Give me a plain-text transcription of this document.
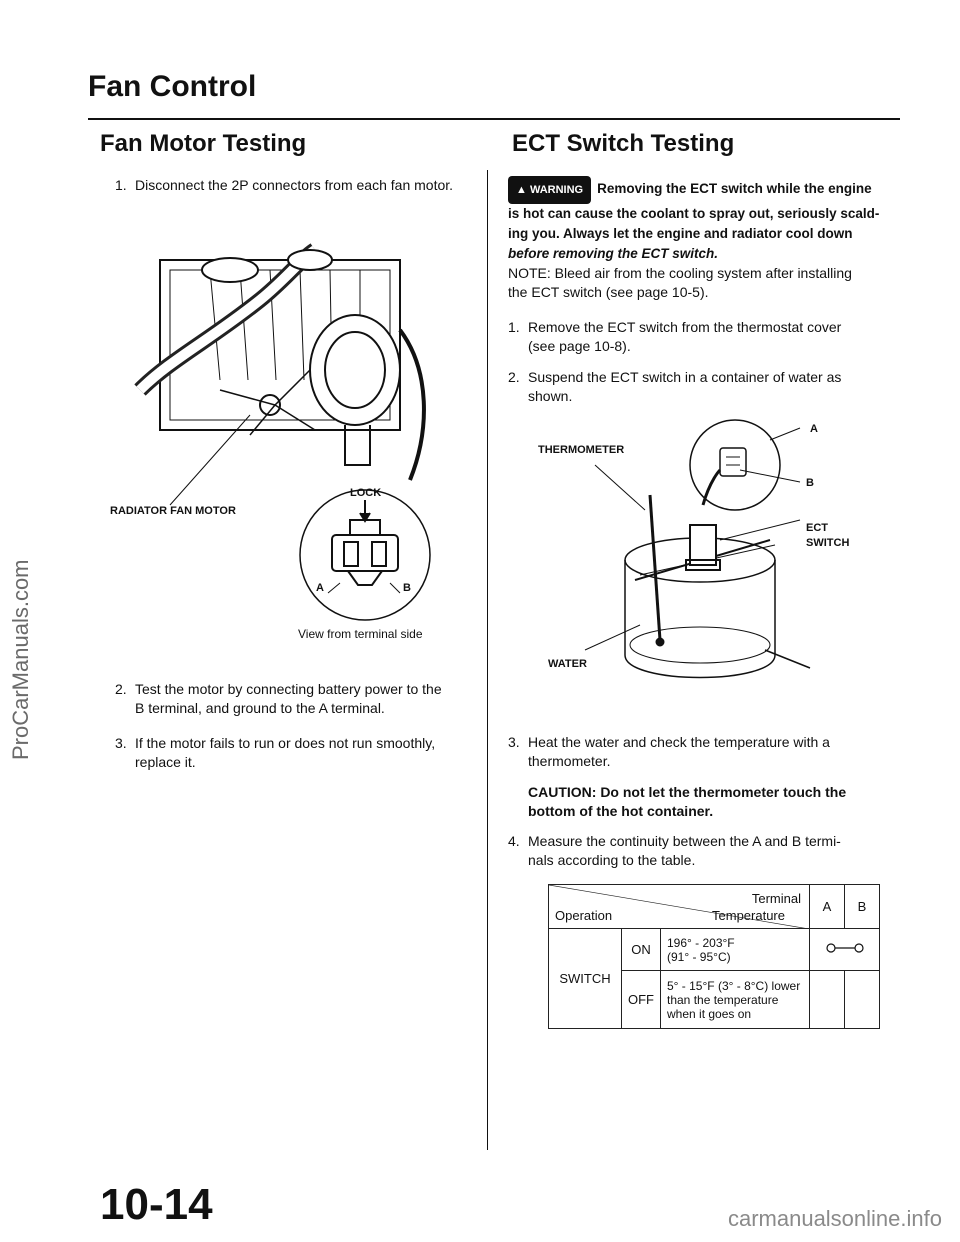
ProCarManuals.com
Fan Control
Fan Motor Testing
1. Disconnect the 2P connectors from each fan motor.
RADIATOR FAN MOTOR
LOCK
A	B
View from terminal side
2. Test the motor by connecting battery power to the
B terminal, and ground to the A terminal.
3. If the motor fails to run or does not run smoothly,
replace it.
ECT Switch Testing
▲ WARNING Removing the ECT switch while the engine
is hot can cause the coolant to spray out, seriously scald-
ing you. Always let the engine and radiator cool down
before removing the ECT switch.
NOTE: Bleed air from the cooling system after installing
the ECT switch (see page 10-5).
1. Remove the ECT switch from the thermostat cover
(see page 10-8).
2. Suspend the ECT switch in a container of water as
shown.
THERMOMETER
A
B
ECT
SWITCH
WATER
3. Heat the water and check the temperature with a
thermometer.
CAUTION: Do not let the thermometer touch the
bottom of the hot container.
4. Measure the continuity between the A and B termi-
nals according to the table.
Terminal
Operation Temperature			A	B
SWITCH	ON	196° - 203°F
(91° - 95°C)	
	OFF	5° - 15°F (3° - 8°C) lower
than the temperature
when it goes on		
10-14	carmanualsonline.info
